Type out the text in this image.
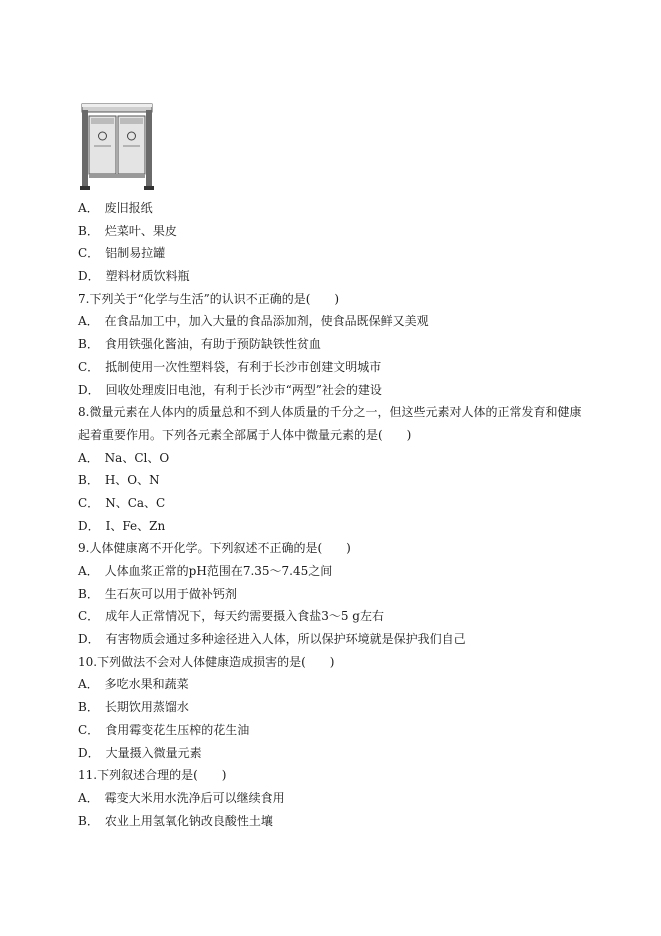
A． 废旧报纸
B． 烂菜叶、果皮
C． 铝制易拉罐
D． 塑料材质饮料瓶
7.下列关于“化学与生活”的认识不正确的是(　　)
A． 在食品加工中，加入大量的食品添加剂，使食品既保鲜又美观
B． 食用铁强化酱油，有助于预防缺铁性贫血
C． 抵制使用一次性塑料袋，有利于长沙市创建文明城市
D． 回收处理废旧电池，有利于长沙市“两型”社会的建设
8.微量元素在人体内的质量总和不到人体质量的千分之一，但这些元素对人体的正常发育和健康起着重要作用。下列各元素全部属于人体中微量元素的是(　　)
A． Na、Cl、O
B． H、O、N
C． N、Ca、C
D． I、Fe、Zn
9.人体健康离不开化学。下列叙述不正确的是(　　)
A． 人体血浆正常的pH范围在7.35～7.45之间
B． 生石灰可以用于做补钙剂
C． 成年人正常情况下，每天约需要摄入食盐3～5 g左右
D． 有害物质会通过多种途径进入人体，所以保护环境就是保护我们自己
10.下列做法不会对人体健康造成损害的是(　　)
A． 多吃水果和蔬菜
B． 长期饮用蒸馏水
C． 食用霉变花生压榨的花生油
D． 大量摄入微量元素
11.下列叙述合理的是(　　)
A． 霉变大米用水洗净后可以继续食用
B． 农业上用氢氧化钠改良酸性土壤
